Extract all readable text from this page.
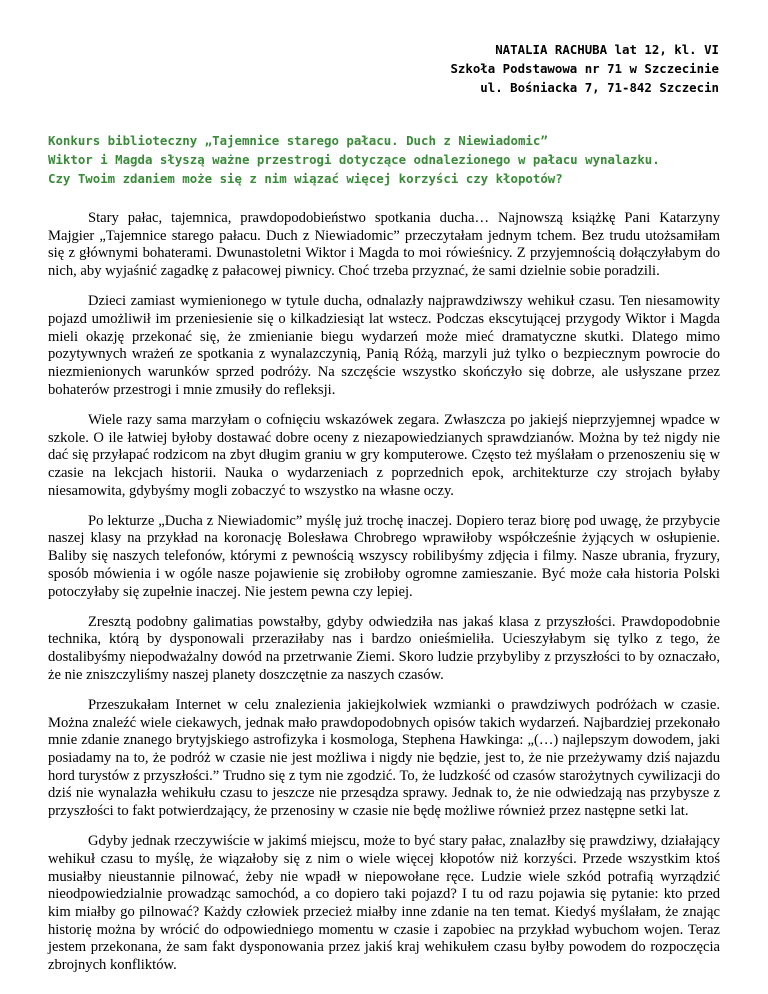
NATALIA RACHUBA lat 12, kl. VI
Szkoła Podstawowa nr 71 w Szczecinie
ul. Bośniacka 7, 71-842 Szczecin
Konkurs biblioteczny „Tajemnice starego pałacu. Duch z Niewiadomic”
Wiktor i Magda słyszą ważne przestrogi dotyczące odnalezionego w pałacu wynalazku.
Czy Twoim zdaniem może się z nim wiązać więcej korzyści czy kłopotów?

Stary pałac, tajemnica, prawdopodobieństwo spotkania ducha… Najnowszą książkę Pani Katarzyny Majgier „Tajemnice starego pałacu. Duch z Niewiadomic” przeczytałam jednym tchem. Bez trudu utożsamiłam się z głównymi bohaterami. Dwunastoletni Wiktor i Magda to moi rówieśnicy. Z przyjemnością dołączyłabym do nich, aby wyjaśnić zagadkę z pałacowej piwnicy. Choć trzeba przyznać, że sami dzielnie sobie poradzili.

Dzieci zamiast wymienionego w tytule ducha, odnalazły najprawdziwszy wehikuł czasu. Ten niesamowity pojazd umożliwił im przeniesienie się o kilkadziesiąt lat wstecz. Podczas ekscytującej przygody Wiktor i Magda mieli okazję przekonać się, że zmienianie biegu wydarzeń może mieć dramatyczne skutki. Dlatego mimo pozytywnych wrażeń ze spotkania z wynalazczynią, Panią Różą, marzyli już tylko o bezpiecznym powrocie do niezmienionych warunków sprzed podróży. Na szczęście wszystko skończyło się dobrze, ale usłyszane przez bohaterów przestrogi i mnie zmusiły do refleksji.

Wiele razy sama marzyłam o cofnięciu wskazówek zegara. Zwłaszcza po jakiejś nieprzyjemnej wpadce w szkole. O ile łatwiej byłoby dostawać dobre oceny z niezapowiedzianych sprawdzianów. Można by też nigdy nie dać się przyłapać rodzicom na zbyt długim graniu w gry komputerowe. Często też myślałam o przenoszeniu się w czasie na lekcjach historii. Nauka o wydarzeniach z poprzednich epok, architekturze czy strojach byłaby niesamowita, gdybyśmy mogli zobaczyć to wszystko na własne oczy.

Po lekturze „Ducha z Niewiadomic” myślę już trochę inaczej. Dopiero teraz biorę pod uwagę, że przybycie naszej klasy na przykład na koronację Bolesława Chrobrego wprawiłoby współcześnie żyjących w osłupienie. Baliby się naszych telefonów, którymi z pewnością wszyscy robilibyśmy zdjęcia i filmy. Nasze ubrania, fryzury, sposób mówienia i w ogóle nasze pojawienie się zrobiłoby ogromne zamieszanie. Być może cała historia Polski potoczyłaby się zupełnie inaczej. Nie jestem pewna czy lepiej.

Zresztą podobny galimatias powstałby, gdyby odwiedziła nas jakaś klasa z przyszłości. Prawdopodobnie technika, którą by dysponowali przeraziłaby nas i bardzo onieśmieliła. Ucieszyłabym się tylko z tego, że dostalibyśmy niepodważalny dowód na przetrwanie Ziemi. Skoro ludzie przybyliby z przyszłości to by oznaczało, że nie zniszczyliśmy naszej planety doszczętnie za naszych czasów.

Przeszukałam Internet w celu znalezienia jakiejkolwiek wzmianki o prawdziwych podróżach w czasie. Można znaleźć wiele ciekawych, jednak mało prawdopodobnych opisów takich wydarzeń. Najbardziej przekonało mnie zdanie znanego brytyjskiego astrofizyka i kosmologa, Stephena Hawkinga: „(…) najlepszym dowodem, jaki posiadamy na to, że podróż w czasie nie jest możliwa i nigdy nie będzie, jest to, że nie przeżywamy dziś najazdu hord turystów z przyszłości.” Trudno się z tym nie zgodzić. To, że ludzkość od czasów starożytnych cywilizacji do dziś nie wynalazła wehikułu czasu to jeszcze nie przesądza sprawy. Jednak to, że nie odwiedzają nas przybysze z przyszłości to fakt potwierdzający, że przenosiny w czasie nie będę możliwe również przez następne setki lat.

Gdyby jednak rzeczywiście w jakimś miejscu, może to być stary pałac, znalazłby się prawdziwy, działający wehikuł czasu to myślę, że wiązałoby się z nim o wiele więcej kłopotów niż korzyści. Przede wszystkim ktoś musiałby nieustannie pilnować, żeby nie wpadł w niepowołane ręce. Ludzie wiele szkód potrafią wyrządzić nieodpowiedzialnie prowadząc samochód, a co dopiero taki pojazd? I tu od razu pojawia się pytanie: kto przed kim miałby go pilnować? Każdy człowiek przecież miałby inne zdanie na ten temat. Kiedyś myślałam, że znając historię można by wrócić do odpowiedniego momentu w czasie i zapobiec na przykład wybuchom wojen. Teraz jestem przekonana, że sam fakt dysponowania przez jakiś kraj wehikułem czasu byłby powodem do rozpoczęcia zbrojnych konfliktów.
